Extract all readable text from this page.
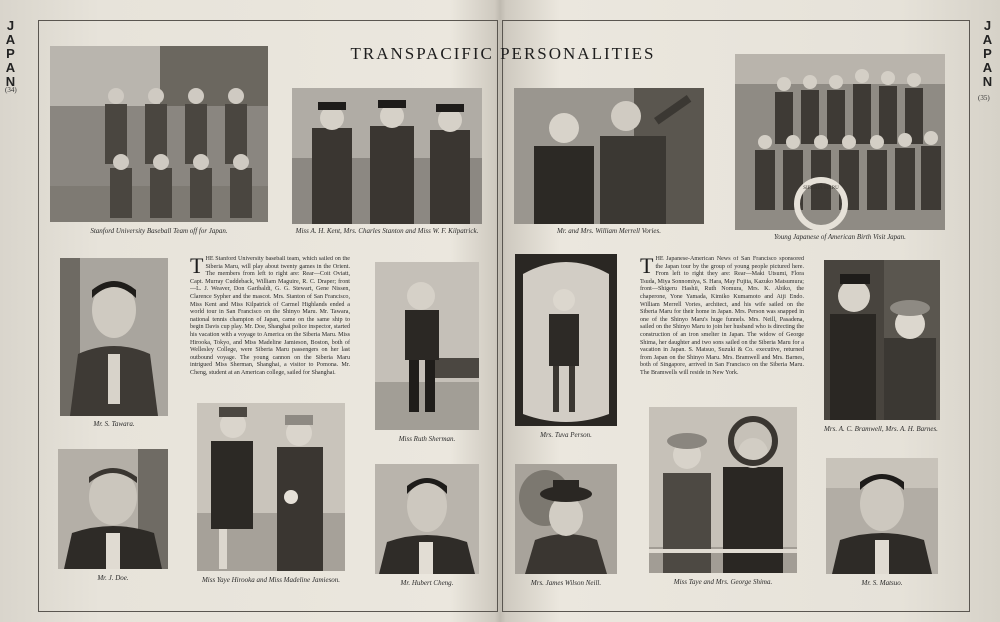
JAPAN
(34)
JAPAN
(35)
TRANSPACIFIC PERSONALITIES
Stanford University Baseball Team off for Japan.	Miss A. H. Kent, Mrs. Charles Stanton and Miss W. F. Kilpatrick.	Mr. and Mrs. William Merrell Vories.
SIBERIA MARU
Young Japanese of American Birth Visit Japan.
Mr. S. Tawara.
THE Stanford University baseball team, which sailed on the Siberia Maru, will play about twenty games in the Orient. The members from left to right are: Rear—Coit Oviatt, Capt. Murray Cuddeback, William Maguire, R. C. Draper; front—L. J. Weaver, Don Garibaldi, G. G. Stewart, Gene Nissen, Clarence Sypher and the mascot. Mrs. Stanton of San Francisco, Miss Kent and Miss Kilpatrick of Carmel Highlands ended a world tour in San Francisco on the Shinyo Maru. Mr. Tawara, national tennis champion of Japan, came on the same ship to begin Davis cup play. Mr. Doe, Shanghai police inspector, started his vacation with a voyage to America on the Siberia Maru. Miss Hirooka, Tokyo, and Miss Madeline Jamieson, Boston, both of Wellesley College, were Siberia Maru passengers on her last outbound voyage. The young cannon on the Siberia Maru intrigued Miss Sherman, Shanghai, a visitor to Pomona. Mr. Cheng, student at an American college, sailed for Shanghai.
Miss Ruth Sherman.	Mrs. Tuva Person.
THE Japanese-American News of San Francisco sponsored the Japan tour by the group of young people pictured here. From left to right they are: Rear—Maki Utsumi, Flora Tsuda, Miya Sonnomiya, S. Hara, May Fujita, Kazuko Matsumura; front—Shigeru Hashii, Ruth Nomura, Mrs. K. Abiko, the chaperone, Yone Yamada, Kimiko Kumamoto and Aiji Endo. William Merrell Vories, architect, and his wife sailed on the Siberia Maru for their home in Japan. Mrs. Person was snapped in one of the Shinyo Maru's huge funnels. Mrs. Neill, Pasadena, sailed on the Shinyo Maru to join her husband who is directing the construction of an iron smelter in Japan. The widow of George Shima, her daughter and two sons sailed on the Siberia Maru for a vacation in Japan. S. Matsuo, Suzuki & Co. executive, returned from Japan on the Shinyo Maru. Mrs. Bramwell and Mrs. Barnes, both of Singapore, arrived in San Francisco on the Siberia Maru. The Bramwells will reside in New York.
Mrs. A. C. Bramwell, Mrs. A. H. Barnes.
Mr. J. Doe.	Miss Yaye Hirooka and Miss Madeline Jamieson.	Mr. Hubert Cheng.	Mrs. James Wilson Neill.	Miss Taye and Mrs. George Shima.	Mr. S. Matsuo.
